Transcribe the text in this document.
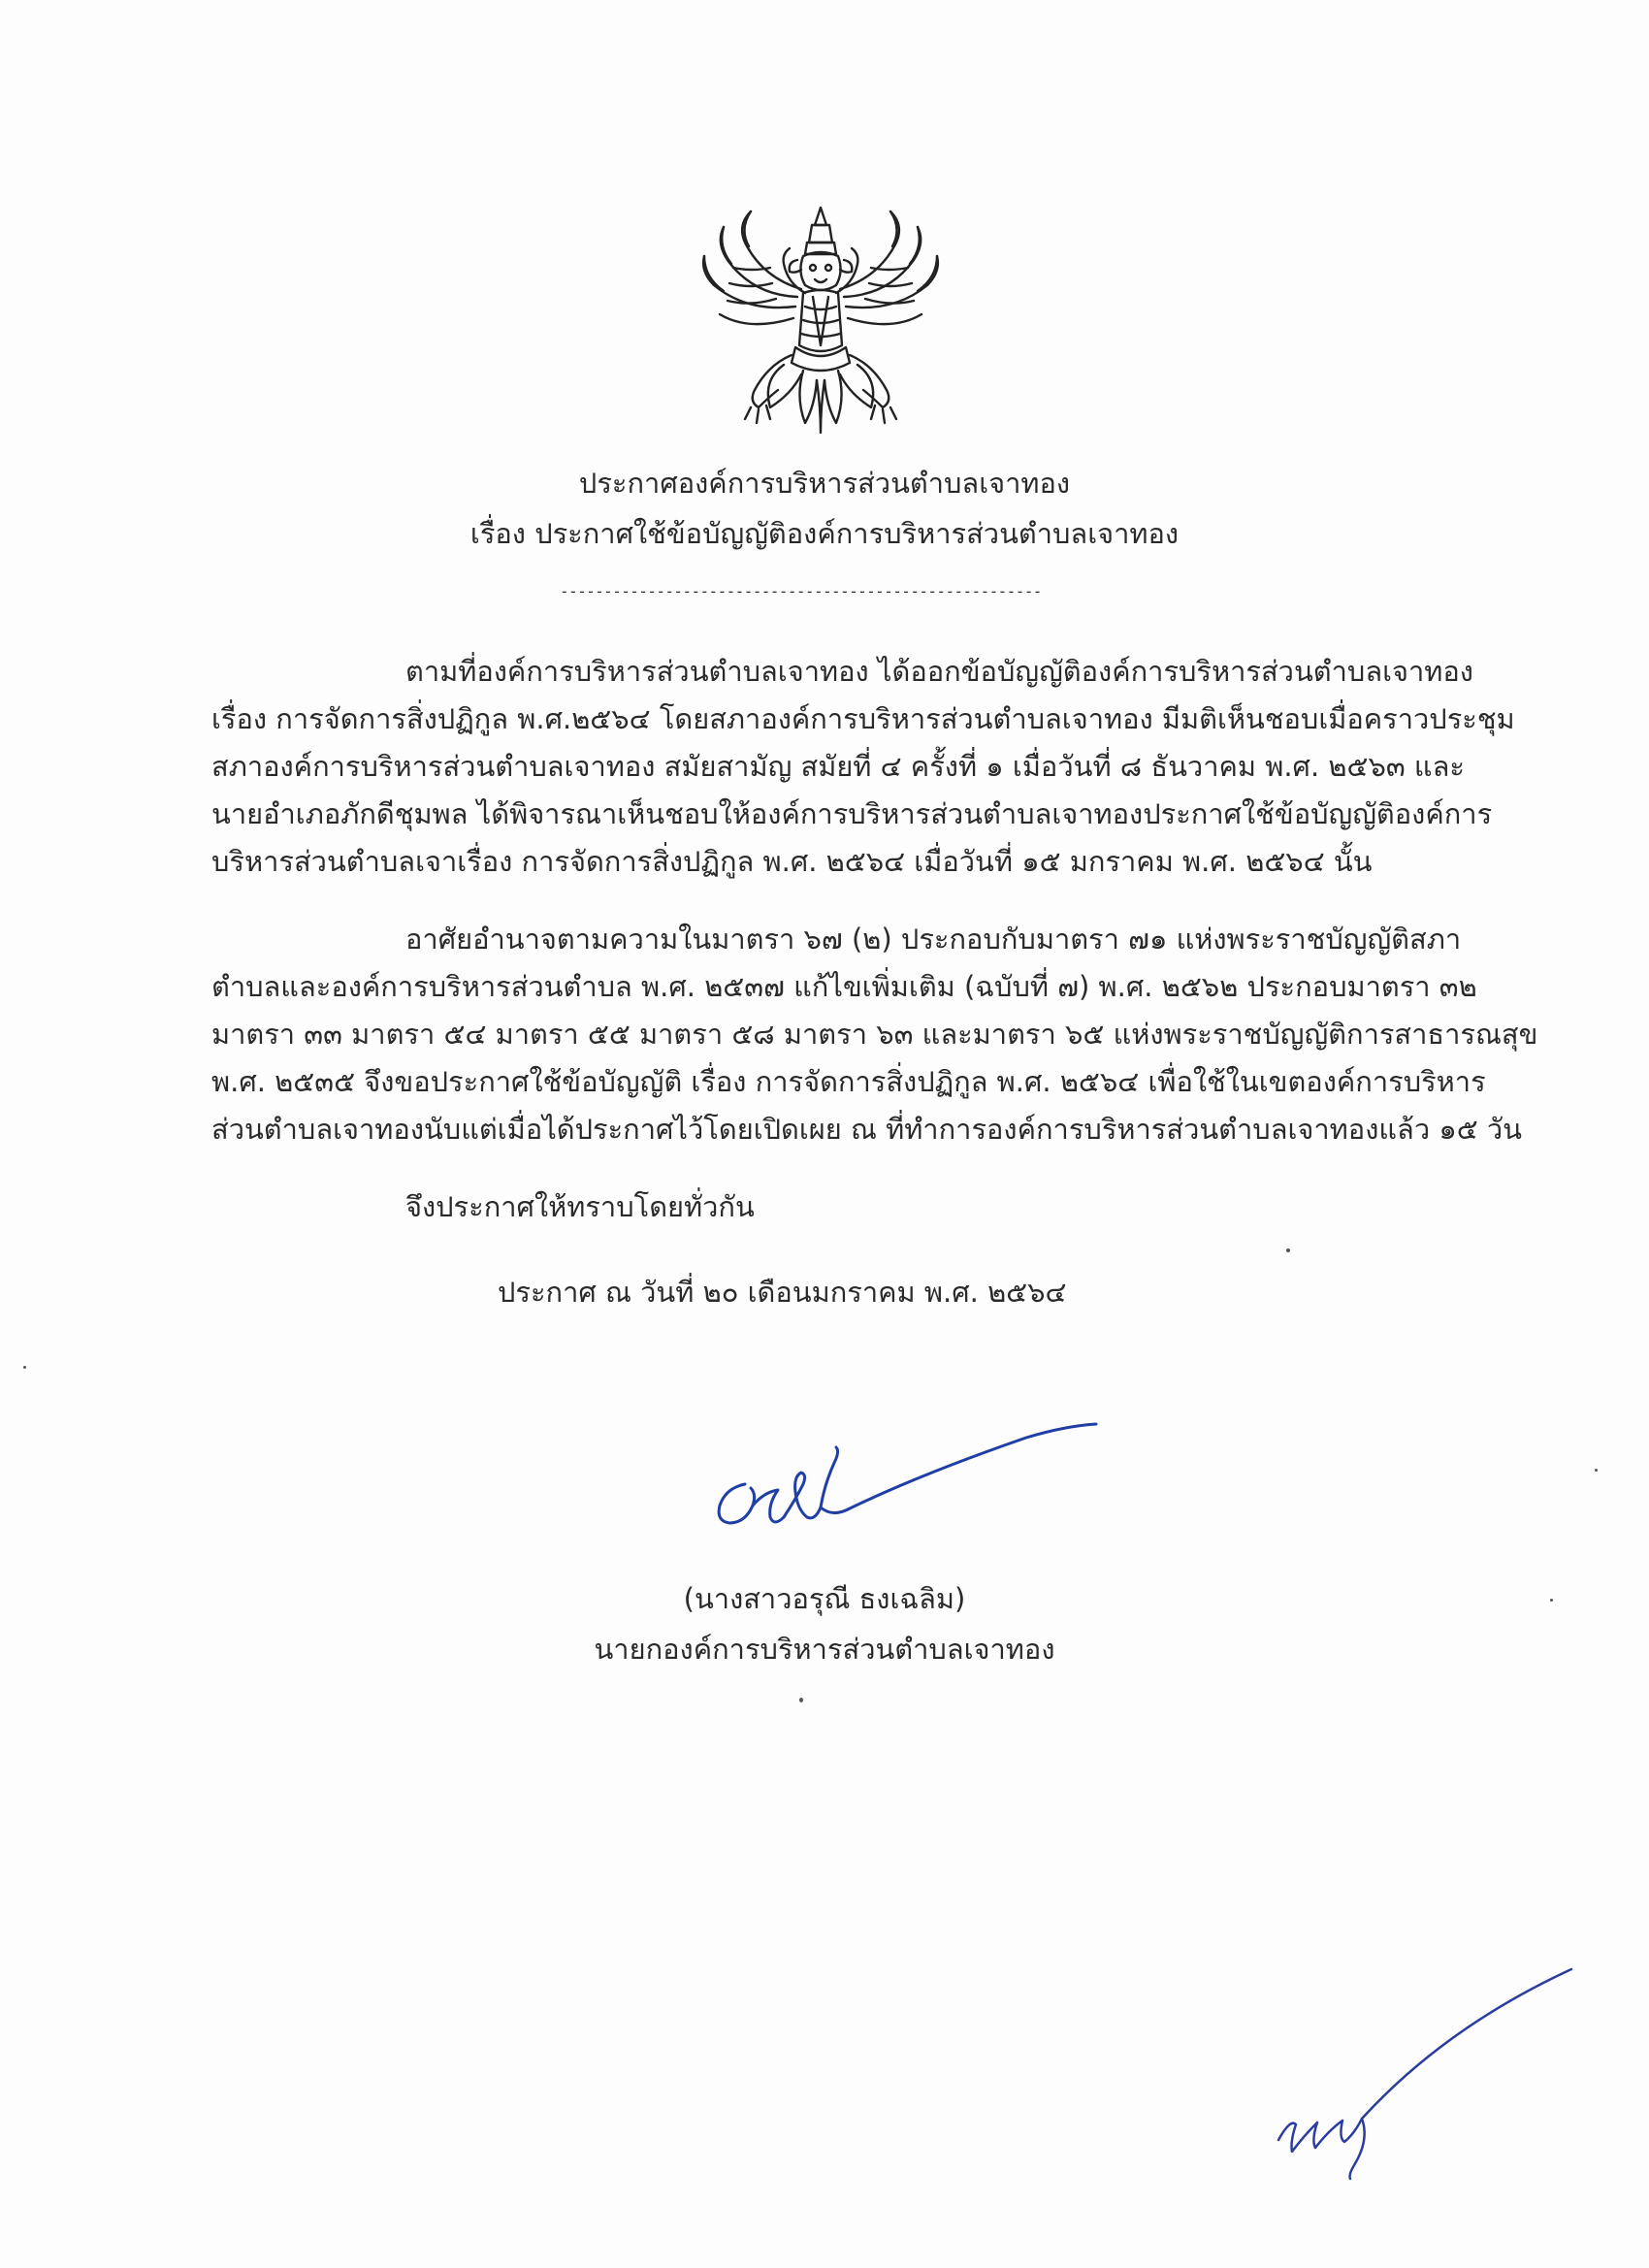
ประกาศองค์การบริหารส่วนตำบลเจาทอง
เรื่อง ประกาศใช้ข้อบัญญัติองค์การบริหารส่วนตำบลเจาทอง
-------------------------------------------------------
ตามที่องค์การบริหารส่วนตำบลเจาทอง ได้ออกข้อบัญญัติองค์การบริหารส่วนตำบลเจาทอง
เรื่อง การจัดการสิ่งปฏิกูล พ.ศ.๒๕๖๔ โดยสภาองค์การบริหารส่วนตำบลเจาทอง มีมติเห็นชอบเมื่อคราวประชุม
สภาองค์การบริหารส่วนตำบลเจาทอง สมัยสามัญ สมัยที่ ๔ ครั้งที่ ๑ เมื่อวันที่ ๘ ธันวาคม พ.ศ. ๒๕๖๓ และ
นายอำเภอภักดีชุมพล ได้พิจารณาเห็นชอบให้องค์การบริหารส่วนตำบลเจาทองประกาศใช้ข้อบัญญัติองค์การ
บริหารส่วนตำบลเจาเรื่อง การจัดการสิ่งปฏิกูล พ.ศ. ๒๕๖๔ เมื่อวันที่ ๑๕ มกราคม พ.ศ. ๒๕๖๔ นั้น
อาศัยอำนาจตามความในมาตรา ๖๗ (๒) ประกอบกับมาตรา ๗๑ แห่งพระราชบัญญัติสภา
ตำบลและองค์การบริหารส่วนตำบล พ.ศ. ๒๕๓๗ แก้ไขเพิ่มเติม (ฉบับที่ ๗) พ.ศ. ๒๕๖๒ ประกอบมาตรา ๓๒
มาตรา ๓๓ มาตรา ๕๔ มาตรา ๕๕ มาตรา ๕๘ มาตรา ๖๓ และมาตรา ๖๕ แห่งพระราชบัญญัติการสาธารณสุข
พ.ศ. ๒๕๓๕ จึงขอประกาศใช้ข้อบัญญัติ เรื่อง การจัดการสิ่งปฏิกูล พ.ศ. ๒๕๖๔ เพื่อใช้ในเขตองค์การบริหาร
ส่วนตำบลเจาทองนับแต่เมื่อได้ประกาศไว้โดยเปิดเผย ณ ที่ทำการองค์การบริหารส่วนตำบลเจาทองแล้ว ๑๕ วัน
จึงประกาศให้ทราบโดยทั่วกัน
ประกาศ ณ วันที่ ๒๐ เดือนมกราคม พ.ศ. ๒๕๖๔
(นางสาวอรุณี ธงเฉลิม)
นายกองค์การบริหารส่วนตำบลเจาทอง
